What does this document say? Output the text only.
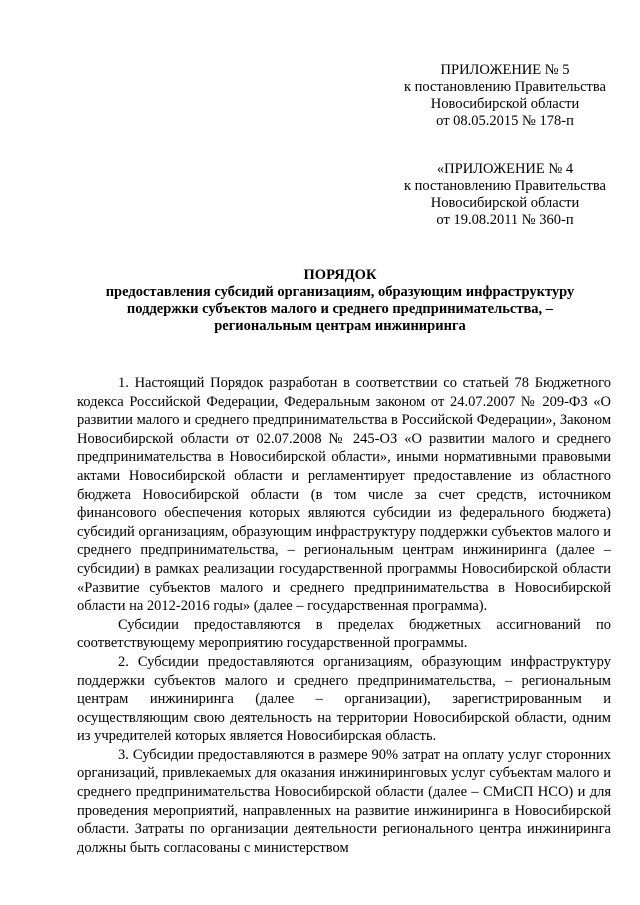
ПРИЛОЖЕНИЕ № 5
к постановлению Правительства
Новосибирской области
от 08.05.2015 № 178-п
«ПРИЛОЖЕНИЕ № 4
к постановлению Правительства
Новосибирской области
от 19.08.2011 № 360-п
ПОРЯДОК
предоставления субсидий организациям, образующим инфраструктуру
поддержки субъектов малого и среднего предпринимательства, –
региональным центрам инжиниринга

1. Настоящий Порядок разработан в соответствии со статьей 78 Бюджетного кодекса Российской Федерации, Федеральным законом от 24.07.2007 № 209-ФЗ «О развитии малого и среднего предпринимательства в Российской Федерации», Законом Новосибирской области от 02.07.2008 № 245-ОЗ «О развитии малого и среднего предпринимательства в Новосибирской области», иными нормативными правовыми актами Новосибирской области и регламентирует предоставление из областного бюджета Новосибирской области (в том числе за счет средств, источником финансового обеспечения которых являются субсидии из федерального бюджета) субсидий организациям, образующим инфраструктуру поддержки субъектов малого и среднего предпринимательства, – региональным центрам инжиниринга (далее – субсидии) в рамках реализации государственной программы Новосибирской области «Развитие субъектов малого и среднего предпринимательства в Новосибирской области на 2012-2016 годы» (далее – государственная программа).

Субсидии предоставляются в пределах бюджетных ассигнований по соответствующему мероприятию государственной программы.

2. Субсидии предоставляются организациям, образующим инфраструктуру поддержки субъектов малого и среднего предпринимательства, – региональным центрам инжиниринга (далее – организации), зарегистрированным и осуществляющим свою деятельность на территории Новосибирской области, одним из учредителей которых является Новосибирская область.

3. Субсидии предоставляются в размере 90% затрат на оплату услуг сторонних организаций, привлекаемых для оказания инжиниринговых услуг субъектам малого и среднего предпринимательства Новосибирской области (далее – СМиСП НСО) и для проведения мероприятий, направленных на развитие инжиниринга в Новосибирской области. Затраты по организации деятельности регионального центра инжиниринга должны быть согласованы с министерством
